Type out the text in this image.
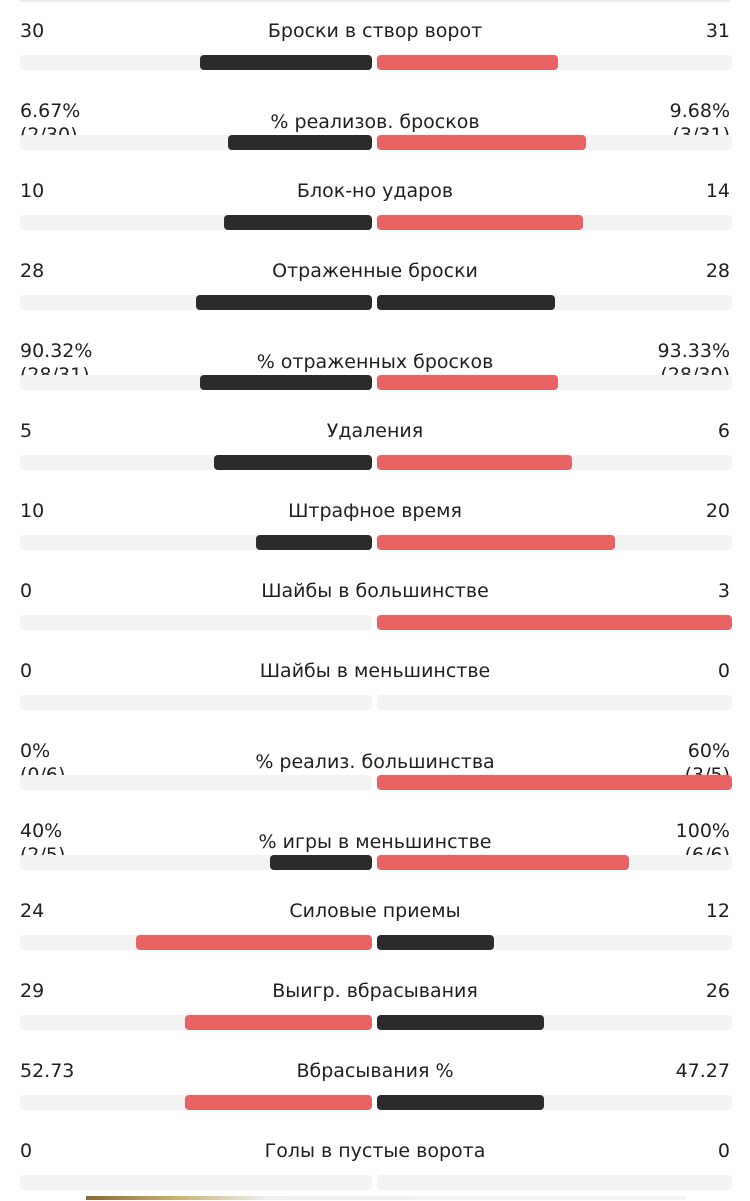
30	Броски в створ ворот	31
6.67%	% реализов. бросков	9.68%
10	Блок-но ударов	14
28	Отраженные броски	28
90.32%	% отраженных бросков	93.33%
5	Удаления	6
10	Штрафное время	20
0	Шайбы в большинстве	3
0	Шайбы в меньшинстве	0
0%	% реализ. большинства	60%
40%	% игры в меньшинстве	100%
24	Силовые приемы	12
29	Выигр. вбрасывания	26
52.73	Вбрасывания %	47.27
0	Голы в пустые ворота	0
